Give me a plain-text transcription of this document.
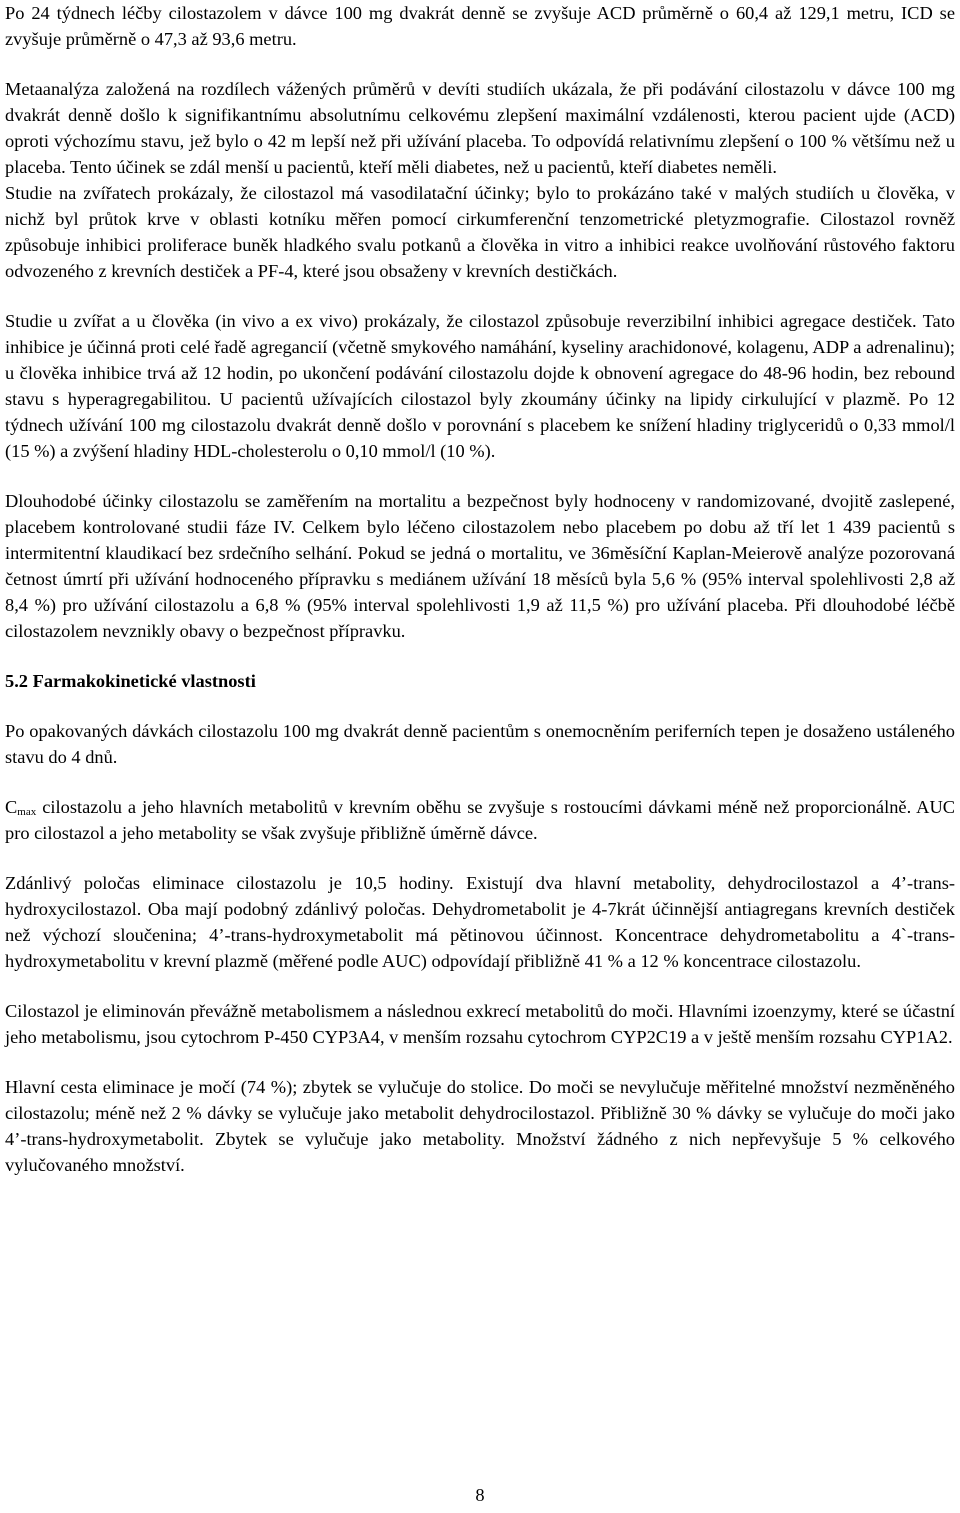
Po 24 týdnech léčby cilostazolem v dávce 100 mg dvakrát denně se zvyšuje ACD průměrně o 60,4 až 129,1 metru, ICD se zvyšuje průměrně o 47,3 až 93,6 metru.

Metaanalýza založená na rozdílech vážených průměrů v devíti studiích ukázala, že při podávání cilostazolu v dávce 100 mg dvakrát denně došlo k signifikantnímu absolutnímu celkovému zlepšení maximální vzdálenosti, kterou pacient ujde (ACD) oproti výchozímu stavu, jež bylo o 42 m lepší než při užívání placeba. To odpovídá relativnímu zlepšení o 100 % většímu než u placeba. Tento účinek se zdál menší u pacientů, kteří měli diabetes, než u pacientů, kteří diabetes neměli.

Studie na zvířatech prokázaly, že cilostazol má vasodilatační účinky; bylo to prokázáno také v malých studiích u člověka, v nichž byl průtok krve v oblasti kotníku měřen pomocí cirkumferenční tenzometrické pletyzmografie. Cilostazol rovněž způsobuje inhibici proliferace buněk hladkého svalu potkanů a člověka in vitro a inhibici reakce uvolňování růstového faktoru odvozeného z krevních destiček a PF-4, které jsou obsaženy v krevních destičkách.

Studie u zvířat a u člověka (in vivo a ex vivo) prokázaly, že cilostazol způsobuje reverzibilní inhibici agregace destiček. Tato inhibice je účinná proti celé řadě agregancií (včetně smykového namáhání, kyseliny arachidonové, kolagenu, ADP a adrenalinu); u člověka inhibice trvá až 12 hodin, po ukončení podávání cilostazolu dojde k obnovení agregace do 48-96 hodin, bez rebound stavu s hyperagregabilitou. U pacientů užívajících cilostazol byly zkoumány účinky na lipidy cirkulující v plazmě. Po 12 týdnech užívání 100 mg cilostazolu dvakrát denně došlo v porovnání s placebem ke snížení hladiny triglyceridů o 0,33 mmol/l (15 %) a zvýšení hladiny HDL-cholesterolu o 0,10 mmol/l (10 %).

Dlouhodobé účinky cilostazolu se zaměřením na mortalitu a bezpečnost byly hodnoceny v randomizované, dvojitě zaslepené, placebem kontrolované studii fáze IV. Celkem bylo léčeno cilostazolem nebo placebem po dobu až tří let 1 439 pacientů s intermitentní klaudikací bez srdečního selhání. Pokud se jedná o mortalitu, ve 36měsíční Kaplan-Meierově analýze pozorovaná četnost úmrtí při užívání hodnoceného přípravku s mediánem užívání 18 měsíců byla 5,6 % (95% interval spolehlivosti 2,8 až 8,4 %) pro užívání cilostazolu a 6,8 % (95% interval spolehlivosti 1,9 až 11,5 %) pro užívání placeba. Při dlouhodobé léčbě cilostazolem nevznikly obavy o bezpečnost přípravku.

5.2 Farmakokinetické vlastnosti

Po opakovaných dávkách cilostazolu 100 mg dvakrát denně pacientům s onemocněním periferních tepen je dosaženo ustáleného stavu do 4 dnů.

$C_{max}$ cilostazolu a jeho hlavních metabolitů v krevním oběhu se zvyšuje s rostoucími dávkami méně než proporcionálně. AUC pro cilostazol a jeho metabolity se však zvyšuje přibližně úměrně dávce.

Zdánlivý poločas eliminace cilostazolu je 10,5 hodiny. Existují dva hlavní metabolity, dehydrocilostazol a 4’-trans-hydroxycilostazol. Oba mají podobný zdánlivý poločas. Dehydrometabolit je 4-7krát účinnější antiagregans krevních destiček než výchozí sloučenina; 4’-trans-hydroxymetabolit má pětinovou účinnost. Koncentrace dehydrometabolitu a 4`-trans-hydroxymetabolitu v krevní plazmě (měřené podle AUC) odpovídají přibližně 41 % a 12 % koncentrace cilostazolu.

Cilostazol je eliminován převážně metabolismem a následnou exkrecí metabolitů do moči. Hlavními izoenzymy, které se účastní jeho metabolismu, jsou cytochrom P-450 CYP3A4, v menším rozsahu cytochrom CYP2C19 a v ještě menším rozsahu CYP1A2.

Hlavní cesta eliminace je močí (74 %); zbytek se vylučuje do stolice. Do moči se nevylučuje měřitelné množství nezměněného cilostazolu; méně než 2 % dávky se vylučuje jako metabolit dehydrocilostazol. Přibližně 30 % dávky se vylučuje do moči jako 4’-trans-hydroxymetabolit. Zbytek se vylučuje jako metabolity. Množství žádného z nich nepřevyšuje 5 % celkového vylučovaného množství.

8
